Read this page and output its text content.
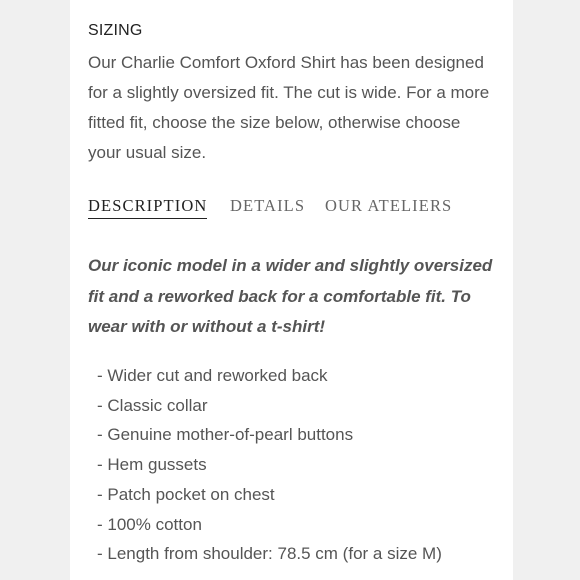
SIZING
Our Charlie Comfort Oxford Shirt has been designed for a slightly oversized fit. The cut is wide. For a more fitted fit, choose the size below, otherwise choose your usual size.
DESCRIPTION DETAILS OUR ATELIERS
Our iconic model in a wider and slightly oversized fit and a reworked back for a comfortable fit. To wear with or without a t-shirt!
- Wider cut and reworked back
- Classic collar
- Genuine mother-of-pearl buttons
- Hem gussets
- Patch pocket on chest
- 100% cotton
- Length from shoulder: 78.5 cm (for a size M)
